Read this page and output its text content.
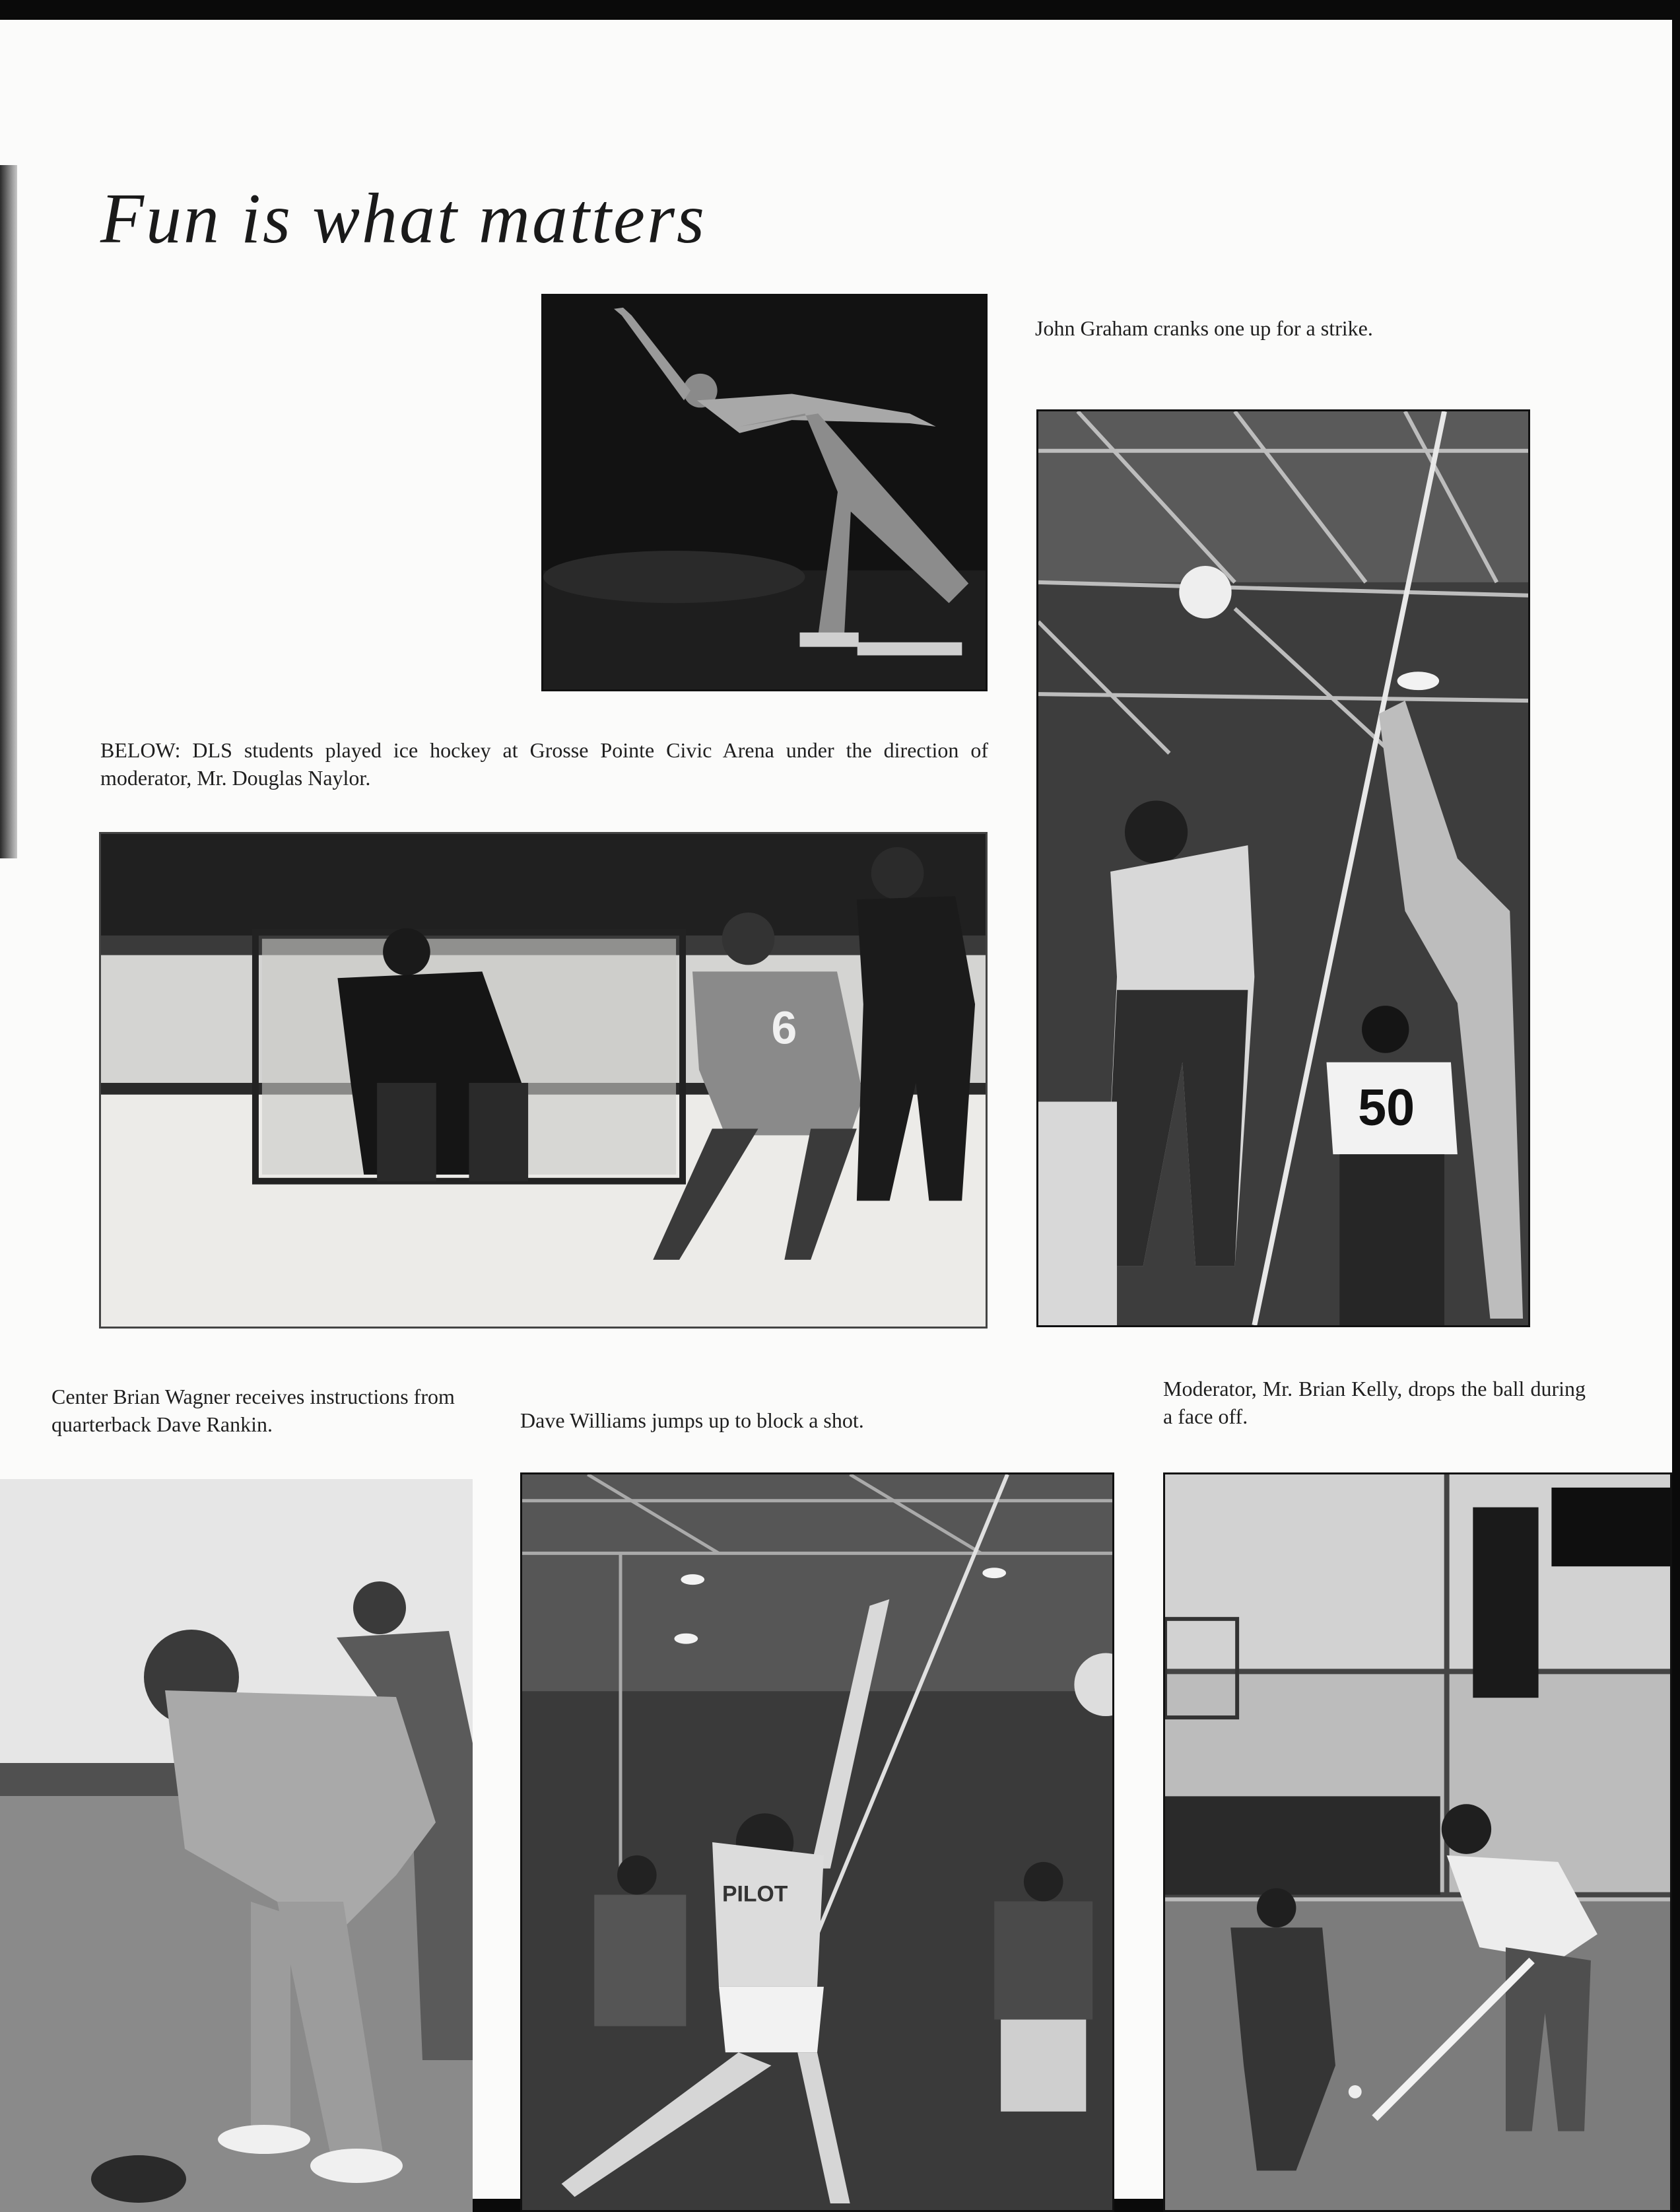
Fun is what matters

John Graham cranks one up for a strike.

BELOW: DLS students played ice hockey at Grosse Pointe Civic Arena under the direction of moderator, Mr. Douglas Naylor.

6
50

Center Brian Wagner receives instructions from quarterback Dave Rankin.	Dave Williams jumps up to block a shot.

Moderator, Mr. Brian Kelly, drops the ball during a face off.

PILOT
